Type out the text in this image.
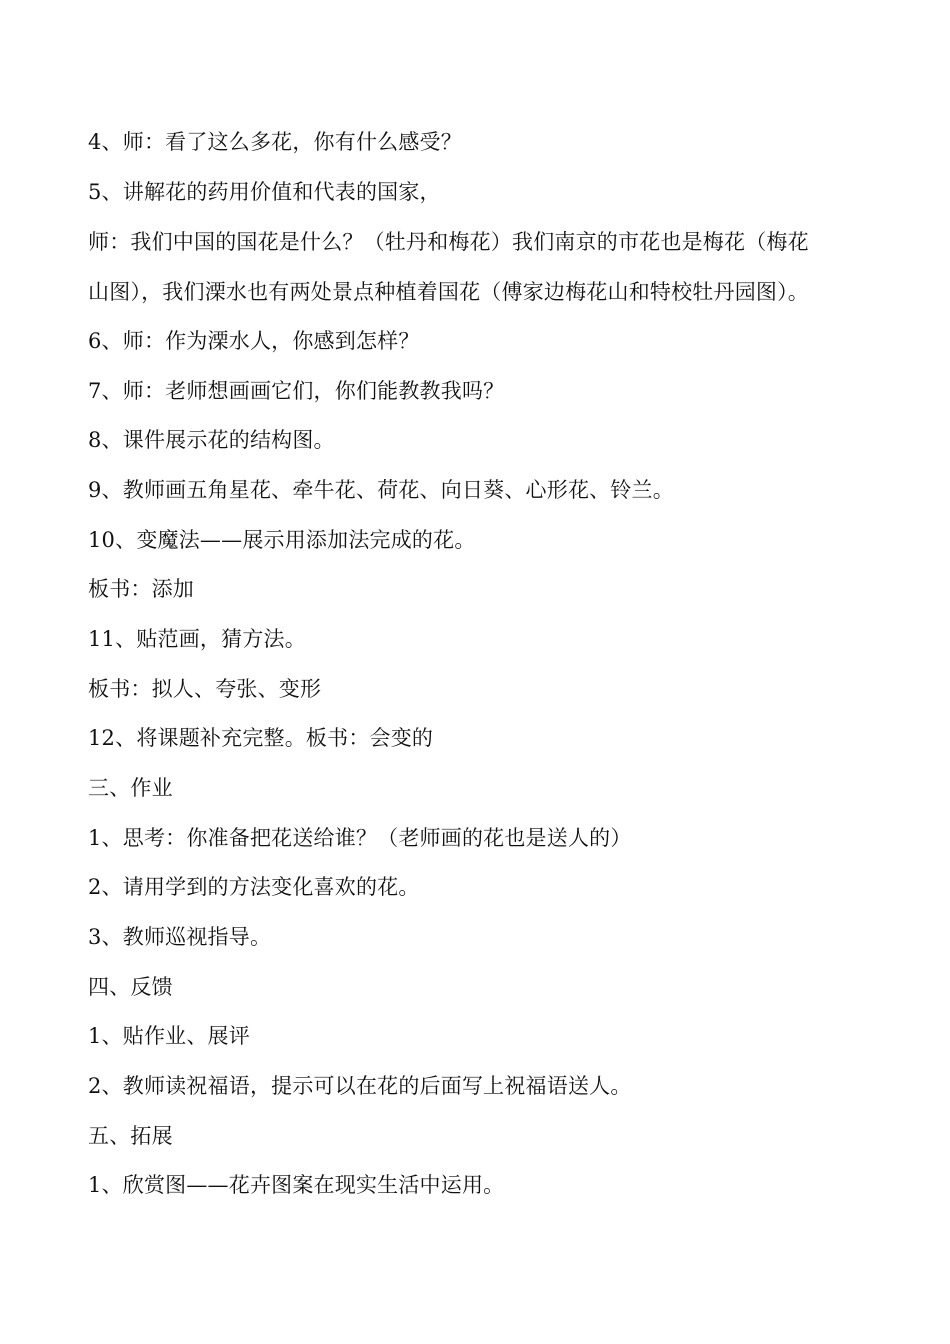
4、师：看了这么多花，你有什么感受？
5、讲解花的药用价值和代表的国家，
师：我们中国的国花是什么？（牡丹和梅花）我们南京的市花也是梅花（梅花
山图），我们溧水也有两处景点种植着国花（傅家边梅花山和特校牡丹园图）。
6、师：作为溧水人，你感到怎样？
7、师：老师想画画它们，你们能教教我吗？
8、课件展示花的结构图。
9、教师画五角星花、牵牛花、荷花、向日葵、心形花、铃兰。
10、变魔法——展示用添加法完成的花。
板书：添加
11、贴范画，猜方法。
板书：拟人、夸张、变形
12、将课题补充完整。板书：会变的
三、作业
1、思考：你准备把花送给谁？（老师画的花也是送人的）
2、请用学到的方法变化喜欢的花。
3、教师巡视指导。
四、反馈
1、贴作业、展评
2、教师读祝福语，提示可以在花的后面写上祝福语送人。
五、拓展
1、欣赏图——花卉图案在现实生活中运用。
